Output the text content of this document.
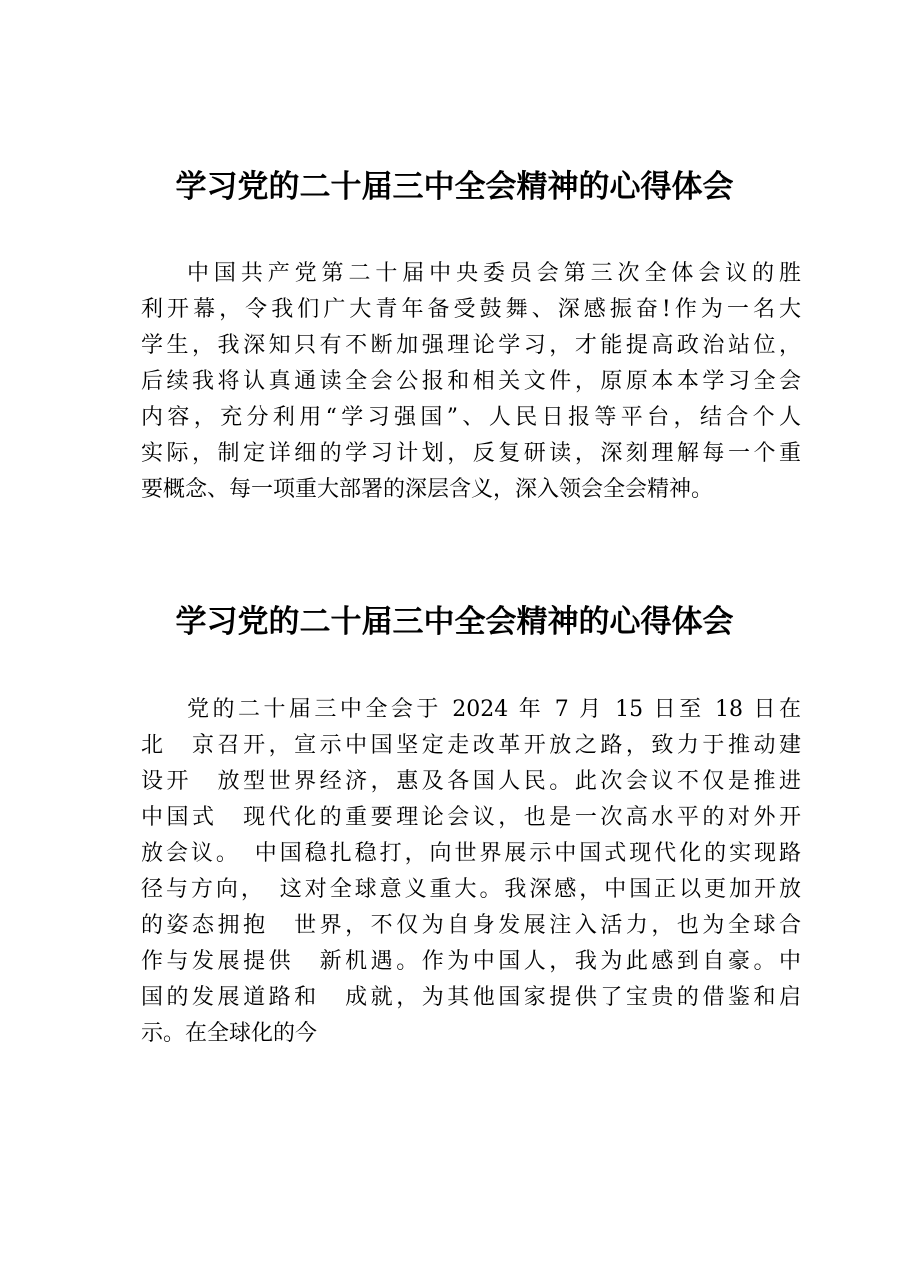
学习党的二十届三中全会精神的心得体会
中国共产党第二十届中央委员会第三次全体会议的胜
利开幕，令我们广大青年备受鼓舞、深感振奋!作为一名大
学生，我深知只有不断加强理论学习，才能提高政治站位，
后续我将认真通读全会公报和相关文件，原原本本学习全会
内容，充分利用“学习强国”、人民日报等平台，结合个人
实际，制定详细的学习计划，反复研读，深刻理解每一个重
要概念、每一项重大部署的深层含义，深入领会全会精神。
学习党的二十届三中全会精神的心得体会
党的二十届三中全会于 2024 年 7 月 15 日至 18 日在
北　京召开，宣示中国坚定走改革开放之路，致力于推动建
设开　放型世界经济，惠及各国人民。此次会议不仅是推进
中国式　现代化的重要理论会议，也是一次高水平的对外开
放会议。　中国稳扎稳打，向世界展示中国式现代化的实现路
径与方向，　这对全球意义重大。我深感，中国正以更加开放
的姿态拥抱　世界，不仅为自身发展注入活力，也为全球合
作与发展提供　新机遇。作为中国人，我为此感到自豪。中
国的发展道路和　成就，为其他国家提供了宝贵的借鉴和启
示。在全球化的今
